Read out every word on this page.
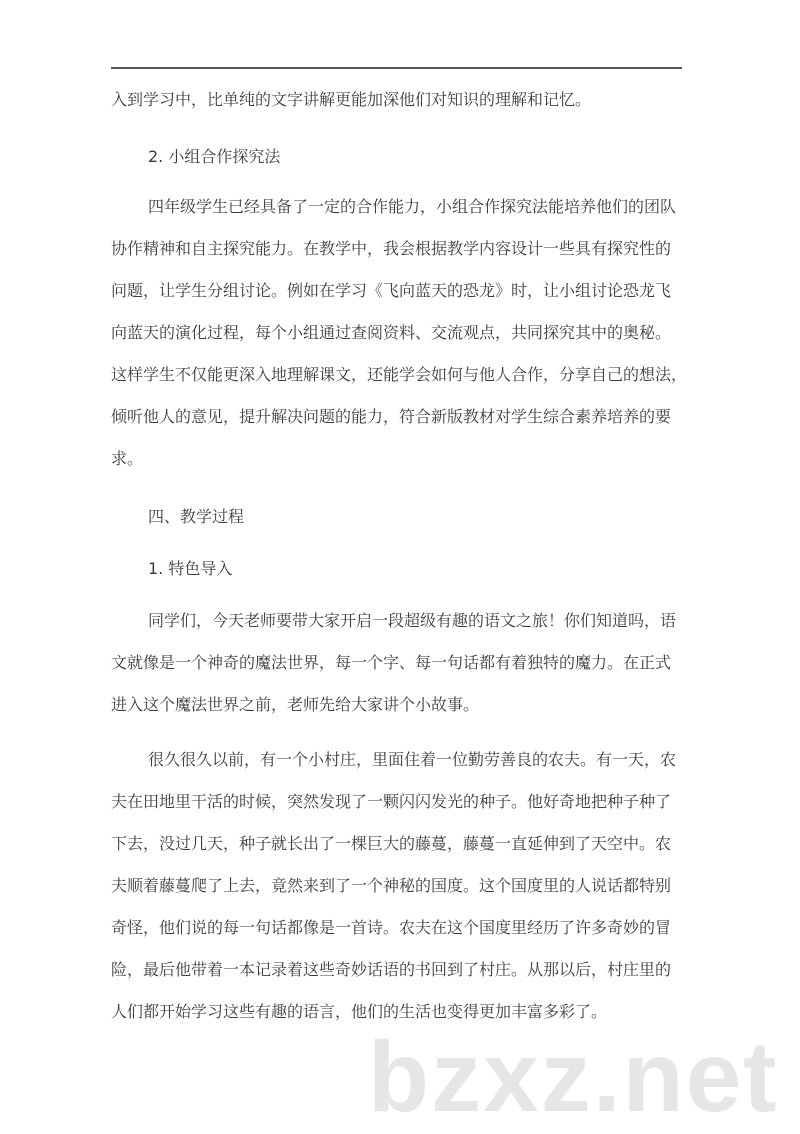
入到学习中，比单纯的文字讲解更能加深他们对知识的理解和记忆。
2. 小组合作探究法
四年级学生已经具备了一定的合作能力，小组合作探究法能培养他们的团队
协作精神和自主探究能力。在教学中，我会根据教学内容设计一些具有探究性的
问题，让学生分组讨论。例如在学习《飞向蓝天的恐龙》时，让小组讨论恐龙飞
向蓝天的演化过程，每个小组通过查阅资料、交流观点，共同探究其中的奥秘。
这样学生不仅能更深入地理解课文，还能学会如何与他人合作，分享自己的想法，
倾听他人的意见，提升解决问题的能力，符合新版教材对学生综合素养培养的要
求。
四、教学过程
1. 特色导入
同学们，今天老师要带大家开启一段超级有趣的语文之旅！你们知道吗，语
文就像是一个神奇的魔法世界，每一个字、每一句话都有着独特的魔力。在正式
进入这个魔法世界之前，老师先给大家讲个小故事。
很久很久以前，有一个小村庄，里面住着一位勤劳善良的农夫。有一天，农
夫在田地里干活的时候，突然发现了一颗闪闪发光的种子。他好奇地把种子种了
下去，没过几天，种子就长出了一棵巨大的藤蔓，藤蔓一直延伸到了天空中。农
夫顺着藤蔓爬了上去，竟然来到了一个神秘的国度。这个国度里的人说话都特别
奇怪，他们说的每一句话都像是一首诗。农夫在这个国度里经历了许多奇妙的冒
险，最后他带着一本记录着这些奇妙话语的书回到了村庄。从那以后，村庄里的
人们都开始学习这些有趣的语言，他们的生活也变得更加丰富多彩了。
bzxz.net
